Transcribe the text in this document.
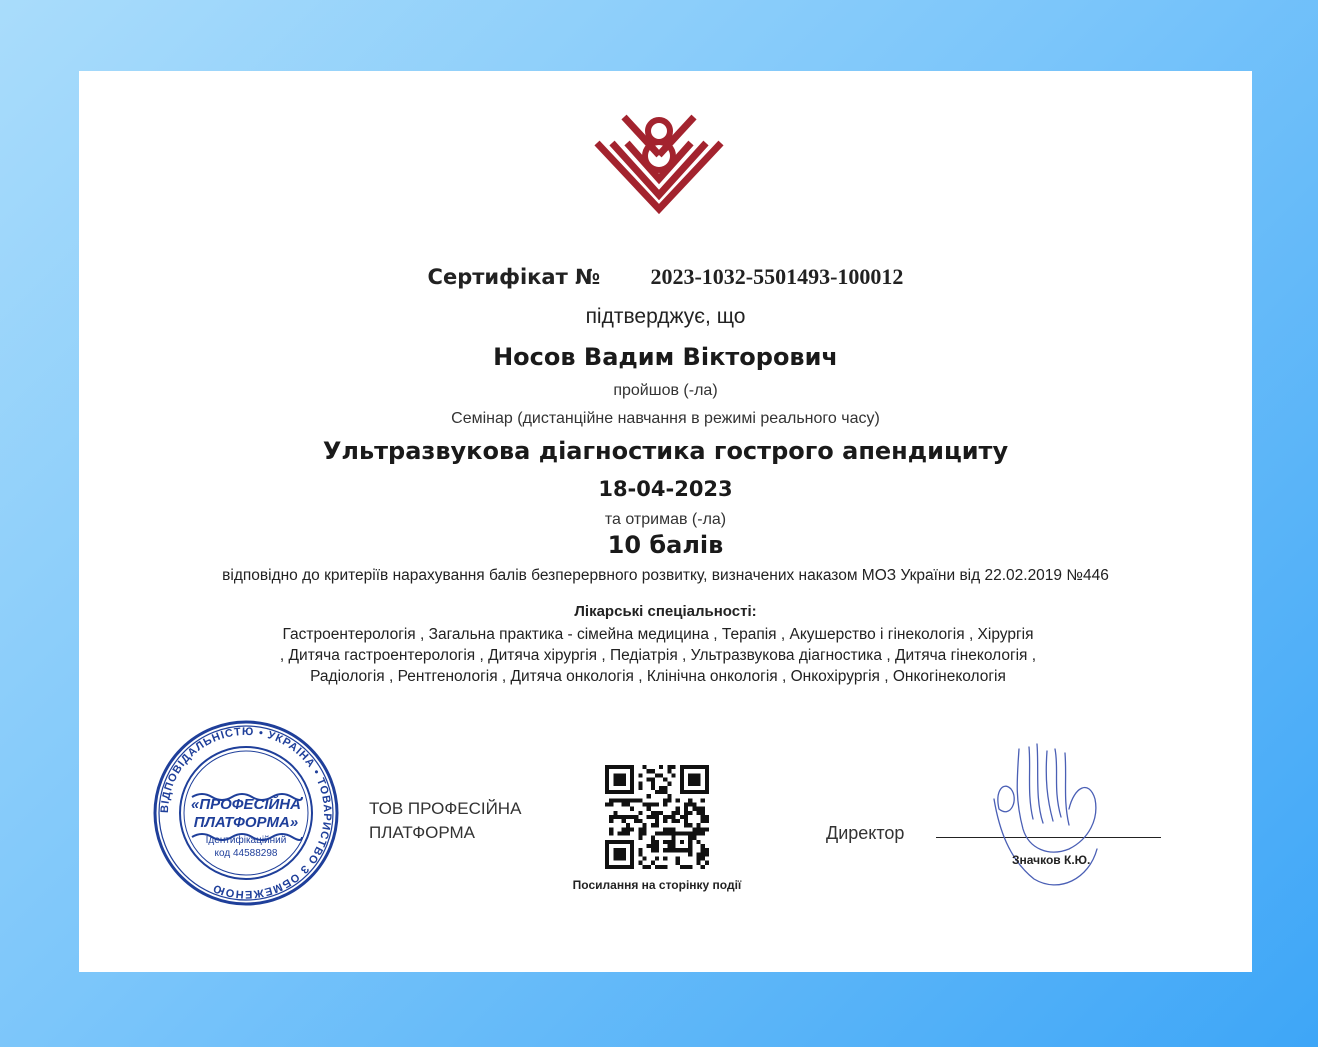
Сертифікат № 2023-1032-5501493-100012
підтверджує, що
Носов Вадим Вікторович
пройшов (-ла)
Семінар (дистанційне навчання в режимі реального часу)
Ультразвукова діагностика гострого апендициту
18-04-2023
та отримав (-ла)
10 балів
відповідно до критеріїв нарахування балів безперервного розвитку, визначених наказом МОЗ України від 22.02.2019 №446
Лікарські спеціальності:
Гастроентерологія , Загальна практика - сімейна медицина , Терапія , Акушерство і гінекологія , Хірургія , Дитяча гастроентерологія , Дитяча хірургія , Педіатрія , Ультразвукова діагностика , Дитяча гінекологія , Радіологія , Рентгенологія , Дитяча онкологія , Клінічна онкологія , Онкохірургія , Онкогінекологія
ВІДПОВІДАЛЬНІСТЮ • УКРАЇНА • ТОВАРИСТВО З ОБМЕЖЕНОЮ
«ПРОФЕСІЙНА
ПЛАТФОРМА»
Ідентифікаційний
код 44588298
ТОВ ПРОФЕСІЙНА
ПЛАТФОРМА
Посилання на сторінку події
Директор
Значков К.Ю.
